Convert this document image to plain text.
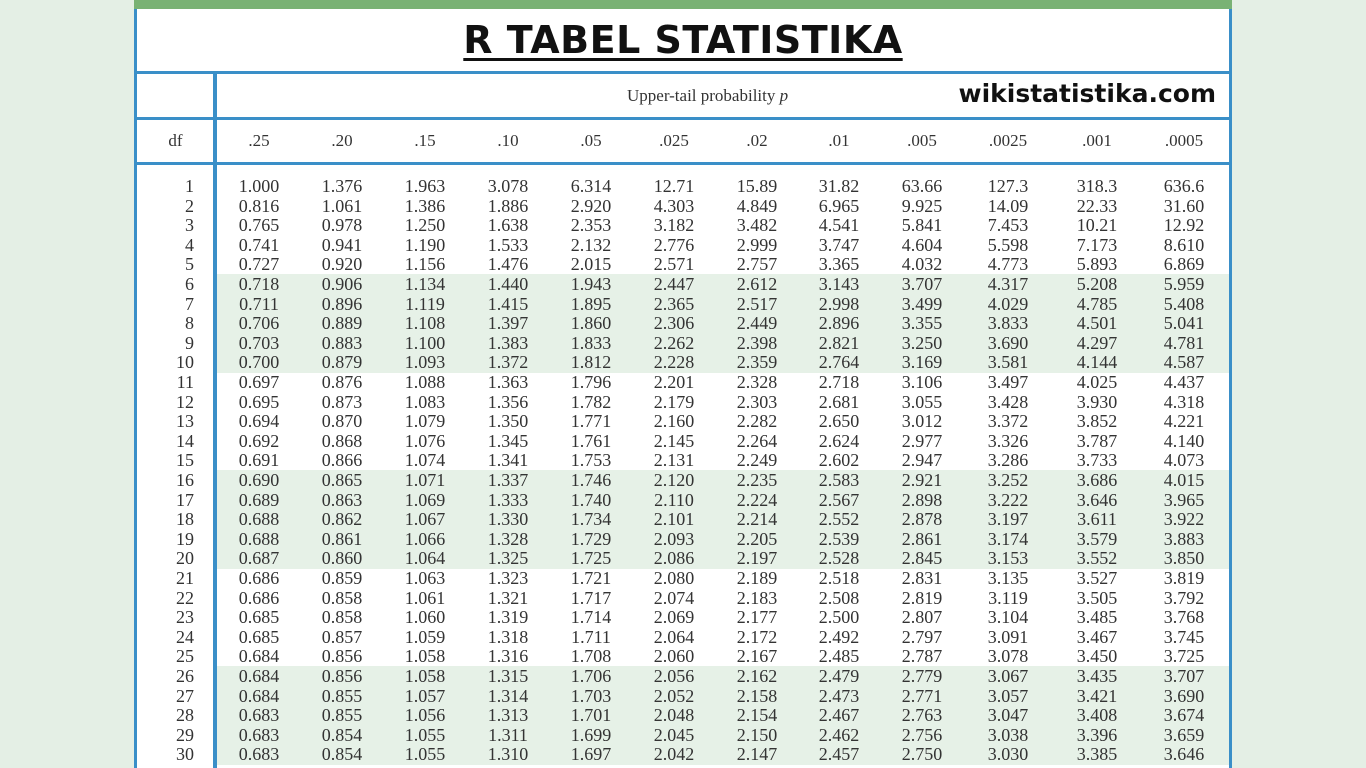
R TABEL STATISTIKA
Upper-tail probability p	wikistatistika.com
df	.25	.20	.15	.10	.05	.025	.02	.01	.005	.0025	.001	.0005
1	1.000	1.376	1.963	3.078	6.314	12.71	15.89	31.82	63.66	127.3	318.3	636.6
2	0.816	1.061	1.386	1.886	2.920	4.303	4.849	6.965	9.925	14.09	22.33	31.60
3	0.765	0.978	1.250	1.638	2.353	3.182	3.482	4.541	5.841	7.453	10.21	12.92
4	0.741	0.941	1.190	1.533	2.132	2.776	2.999	3.747	4.604	5.598	7.173	8.610
5	0.727	0.920	1.156	1.476	2.015	2.571	2.757	3.365	4.032	4.773	5.893	6.869
6	0.718	0.906	1.134	1.440	1.943	2.447	2.612	3.143	3.707	4.317	5.208	5.959
7	0.711	0.896	1.119	1.415	1.895	2.365	2.517	2.998	3.499	4.029	4.785	5.408
8	0.706	0.889	1.108	1.397	1.860	2.306	2.449	2.896	3.355	3.833	4.501	5.041
9	0.703	0.883	1.100	1.383	1.833	2.262	2.398	2.821	3.250	3.690	4.297	4.781
10	0.700	0.879	1.093	1.372	1.812	2.228	2.359	2.764	3.169	3.581	4.144	4.587
11	0.697	0.876	1.088	1.363	1.796	2.201	2.328	2.718	3.106	3.497	4.025	4.437
12	0.695	0.873	1.083	1.356	1.782	2.179	2.303	2.681	3.055	3.428	3.930	4.318
13	0.694	0.870	1.079	1.350	1.771	2.160	2.282	2.650	3.012	3.372	3.852	4.221
14	0.692	0.868	1.076	1.345	1.761	2.145	2.264	2.624	2.977	3.326	3.787	4.140
15	0.691	0.866	1.074	1.341	1.753	2.131	2.249	2.602	2.947	3.286	3.733	4.073
16	0.690	0.865	1.071	1.337	1.746	2.120	2.235	2.583	2.921	3.252	3.686	4.015
17	0.689	0.863	1.069	1.333	1.740	2.110	2.224	2.567	2.898	3.222	3.646	3.965
18	0.688	0.862	1.067	1.330	1.734	2.101	2.214	2.552	2.878	3.197	3.611	3.922
19	0.688	0.861	1.066	1.328	1.729	2.093	2.205	2.539	2.861	3.174	3.579	3.883
20	0.687	0.860	1.064	1.325	1.725	2.086	2.197	2.528	2.845	3.153	3.552	3.850
21	0.686	0.859	1.063	1.323	1.721	2.080	2.189	2.518	2.831	3.135	3.527	3.819
22	0.686	0.858	1.061	1.321	1.717	2.074	2.183	2.508	2.819	3.119	3.505	3.792
23	0.685	0.858	1.060	1.319	1.714	2.069	2.177	2.500	2.807	3.104	3.485	3.768
24	0.685	0.857	1.059	1.318	1.711	2.064	2.172	2.492	2.797	3.091	3.467	3.745
25	0.684	0.856	1.058	1.316	1.708	2.060	2.167	2.485	2.787	3.078	3.450	3.725
26	0.684	0.856	1.058	1.315	1.706	2.056	2.162	2.479	2.779	3.067	3.435	3.707
27	0.684	0.855	1.057	1.314	1.703	2.052	2.158	2.473	2.771	3.057	3.421	3.690
28	0.683	0.855	1.056	1.313	1.701	2.048	2.154	2.467	2.763	3.047	3.408	3.674
29	0.683	0.854	1.055	1.311	1.699	2.045	2.150	2.462	2.756	3.038	3.396	3.659
30	0.683	0.854	1.055	1.310	1.697	2.042	2.147	2.457	2.750	3.030	3.385	3.646
